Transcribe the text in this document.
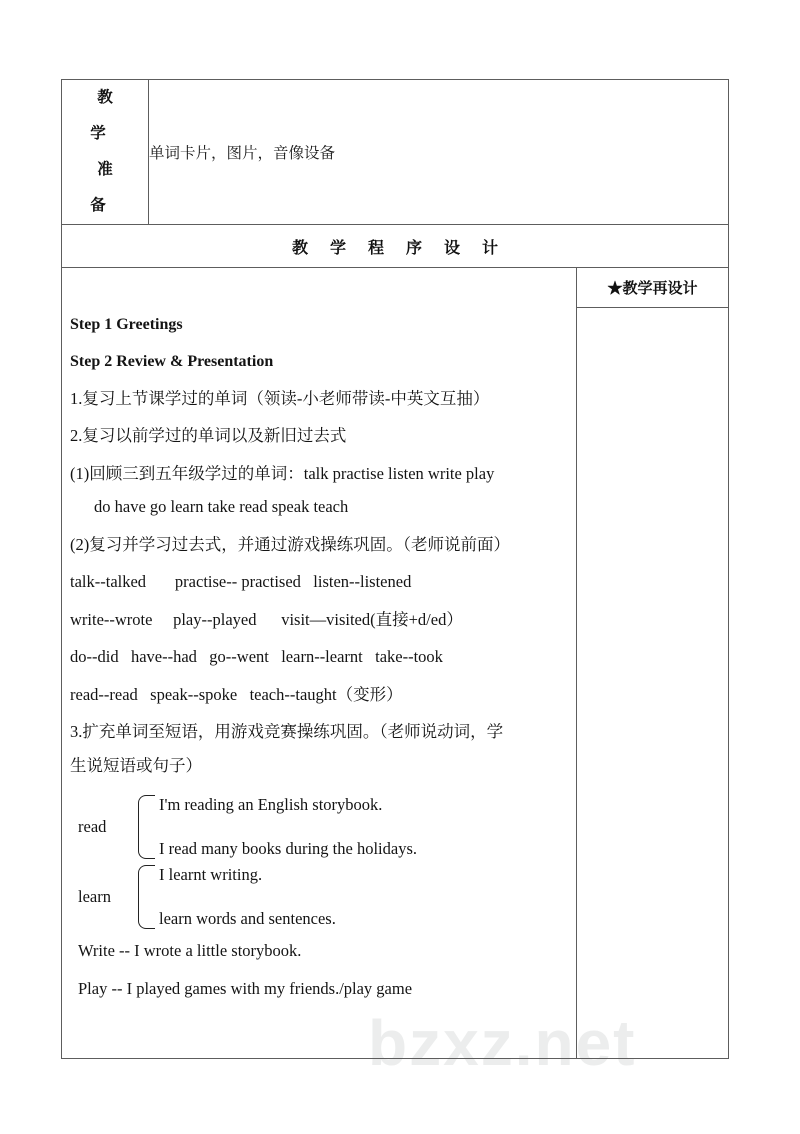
bzxz.net
教 学
准 备	单词卡片，图片，音像设备	
教学程序设计		

Step 1 Greetings
Step 2 Review & Presentation
1.复习上节课学过的单词（领读-小老师带读-中英文互抽）
2.复习以前学过的单词以及新旧过去式
(1)回顾三到五年级学过的单词：talk practise listen write play
do have go learn take read speak teach
(2)复习并学习过去式，并通过游戏操练巩固。（老师说前面）
talk--talked       practise-- practised   listen--listened
write--wrote     play--played      visit—visited(直接+d/ed）
do--did   have--had   go--went   learn--learnt   take--took
read--read   speak--spoke   teach--taught（变形）
3.扩充单词至短语，用游戏竞赛操练巩固。（老师说动词，学
生说短语或句子）
read
I'm reading an English storybook.
I read many books during the holidays.
learn
I learnt writing.
learn words and sentences.
Write -- I wrote a little storybook.
Play -- I played games with my friends./play game

★教学再设计
